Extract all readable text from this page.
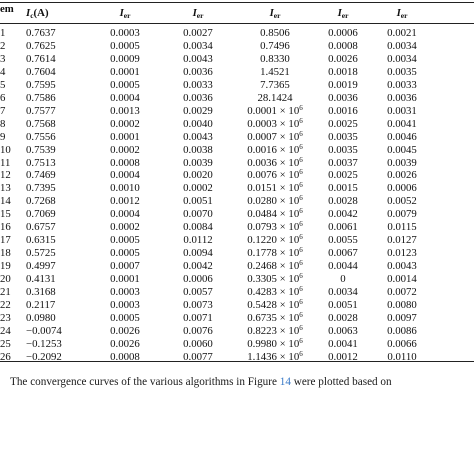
em $I_c(A)$	$I_{er}$	$I_{er}$	$I_{er}$	$I_{er}$	$I_{er}$
1	0.7637	0.0003	0.0027	0.8506	0.0006	0.0021
2	0.7625	0.0005	0.0034	0.7496	0.0008	0.0034
3	0.7614	0.0009	0.0043	0.8330	0.0026	0.0034
4	0.7604	0.0001	0.0036	1.4521	0.0018	0.0035
5	0.7595	0.0005	0.0033	7.7365	0.0019	0.0033
6	0.7586	0.0004	0.0036	28.1424	0.0036	0.0036
7	0.7577	0.0013	0.0029	$0.0001 \times 10^6$	0.0016	0.0031
8	0.7568	0.0002	0.0040	$0.0003 \times 10^6$	0.0025	0.0041
9	0.7556	0.0001	0.0043	$0.0007 \times 10^6$	0.0035	0.0046
10 0.7539	0.0002	0.0038	$0.0016 \times 10^6$	0.0035	0.0045
11	0.7513	0.0008	0.0039	$0.0036 \times 10^6$	0.0037	0.0039
12 0.7469	0.0004	0.0020	$0.0076 \times 10^6$	0.0025	0.0026
13 0.7395	0.0010	0.0002	$0.0151 \times 10^6$	0.0015	0.0006
14 0.7268	0.0012	0.0051	$0.0280 \times 10^6$	0.0028	0.0052
15 0.7069	0.0004	0.0070	$0.0484 \times 10^6$	0.0042	0.0079
16 0.6757	0.0002	0.0084	$0.0793 \times 10^6$	0.0061	0.0115
17 0.6315	0.0005	0.0112	$0.1220 \times 10^6$	0.0055	0.0127
18 0.5725	0.0005	0.0094	$0.1778 \times 10^6$	0.0067	0.0123
19 0.4997	0.0007	0.0042	$0.2468 \times 10^6$	0.0044	0.0043
20 0.4131	0.0001	0.0006	$0.3305 \times 10^6$	0	0.0014
21 0.3168	0.0003	0.0057	$0.4283 \times 10^6$	0.0034	0.0072
22 0.2117	0.0003	0.0073	$0.5428 \times 10^6$	0.0051	0.0080
23 0.0980	0.0005	0.0071	$0.6735 \times 10^6$	0.0028	0.0097
24 −0.0074	0.0026	0.0076	$0.8223 \times 10^6$	0.0063	0.0086
25 −0.1253	0.0026	0.0060	$0.9980 \times 10^6$	0.0041	0.0066
26 −0.2092	0.0008	0.0077	$1.1436 \times 10^6$	0.0012	0.0110
The convergence curves of the various algorithms in Figure 14 were plotted based on
